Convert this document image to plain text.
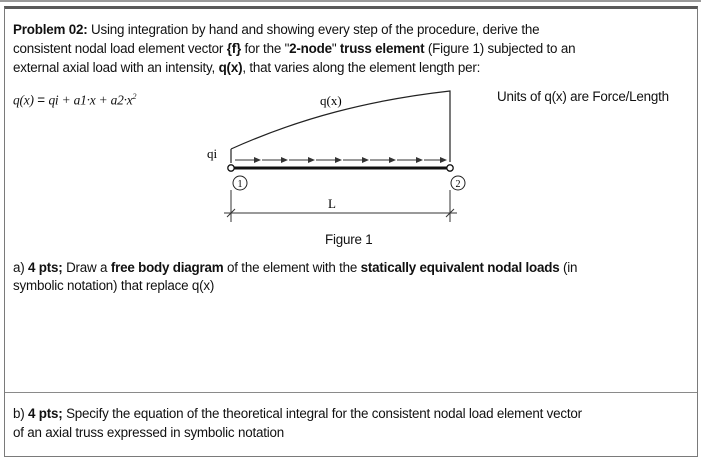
Problem 02: Using integration by hand and showing every step of the procedure, derive the
consistent nodal load element vector {f} for the "2-node" truss element (Figure 1) subjected to an
external axial load with an intensity, q(x), that varies along the element length per:
q(x) = qi + $a1\cdot x + a2\cdot x^2$	Units of q(x) are Force/Length
1	2
L
q(x)
qi
Figure 1
a) 4 pts; Draw a free body diagram of the element with the statically equivalent nodal loads (in
symbolic notation) that replace q(x)
b) 4 pts; Specify the equation of the theoretical integral for the consistent nodal load element vector
of an axial truss expressed in symbolic notation
